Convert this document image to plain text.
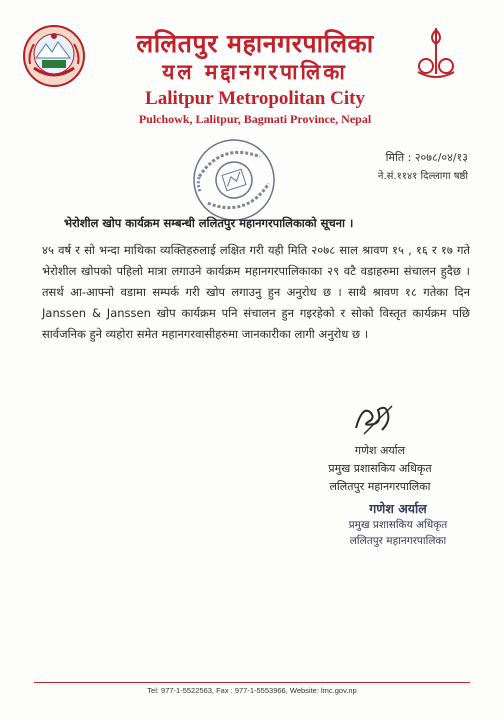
ललितपुर महानगरपालिका
यल मद्दानगरपालिका
Lalitpur Metropolitan City
Pulchowk, Lalitpur, Bagmati Province, Nepal
मिति : २०७८/०४/१३
ने.सं.११४१ दिल्लागा षष्ठी
भेरोशील खोप कार्यक्रम सम्बन्धी ललितपुर महानगरपालिकाको सूचना ।
४५ वर्ष र सो भन्दा माथिका व्यक्तिहरुलाई लक्षित गरी यही मिति २०७८ साल श्रावण १५ , १६ र १७ गते भेरोशील खोपको पहिलो मात्रा लगाउने कार्यक्रम महानगरपालिकाका २९ वटै वडाहरुमा संचालन हुदैछ । तसर्थ आ-आफ्नो वडामा सम्पर्क गरी खोप लगाउनु हुन अनुरोध छ । साथै श्रावण १८ गतेका दिन Janssen & Janssen खोप कार्यक्रम पनि संचालन हुन गइरहेको र सोको विस्तृत कार्यक्रम पछि सार्वजनिक हुने व्यहोरा समेत महानगरवासीहरुमा जानकारीका लागी अनुरोध छ ।
गणेश अर्याल
प्रमुख प्रशासकिय अधिकृत
ललितपुर महानगरपालिका
गणेश अर्याल
प्रमुख प्रशासकिय अधिकृत
ललितपुर महानगरपालिका
Tel: 977-1-5522563, Fax : 977-1-5553966, Website: lmc.gov.np
